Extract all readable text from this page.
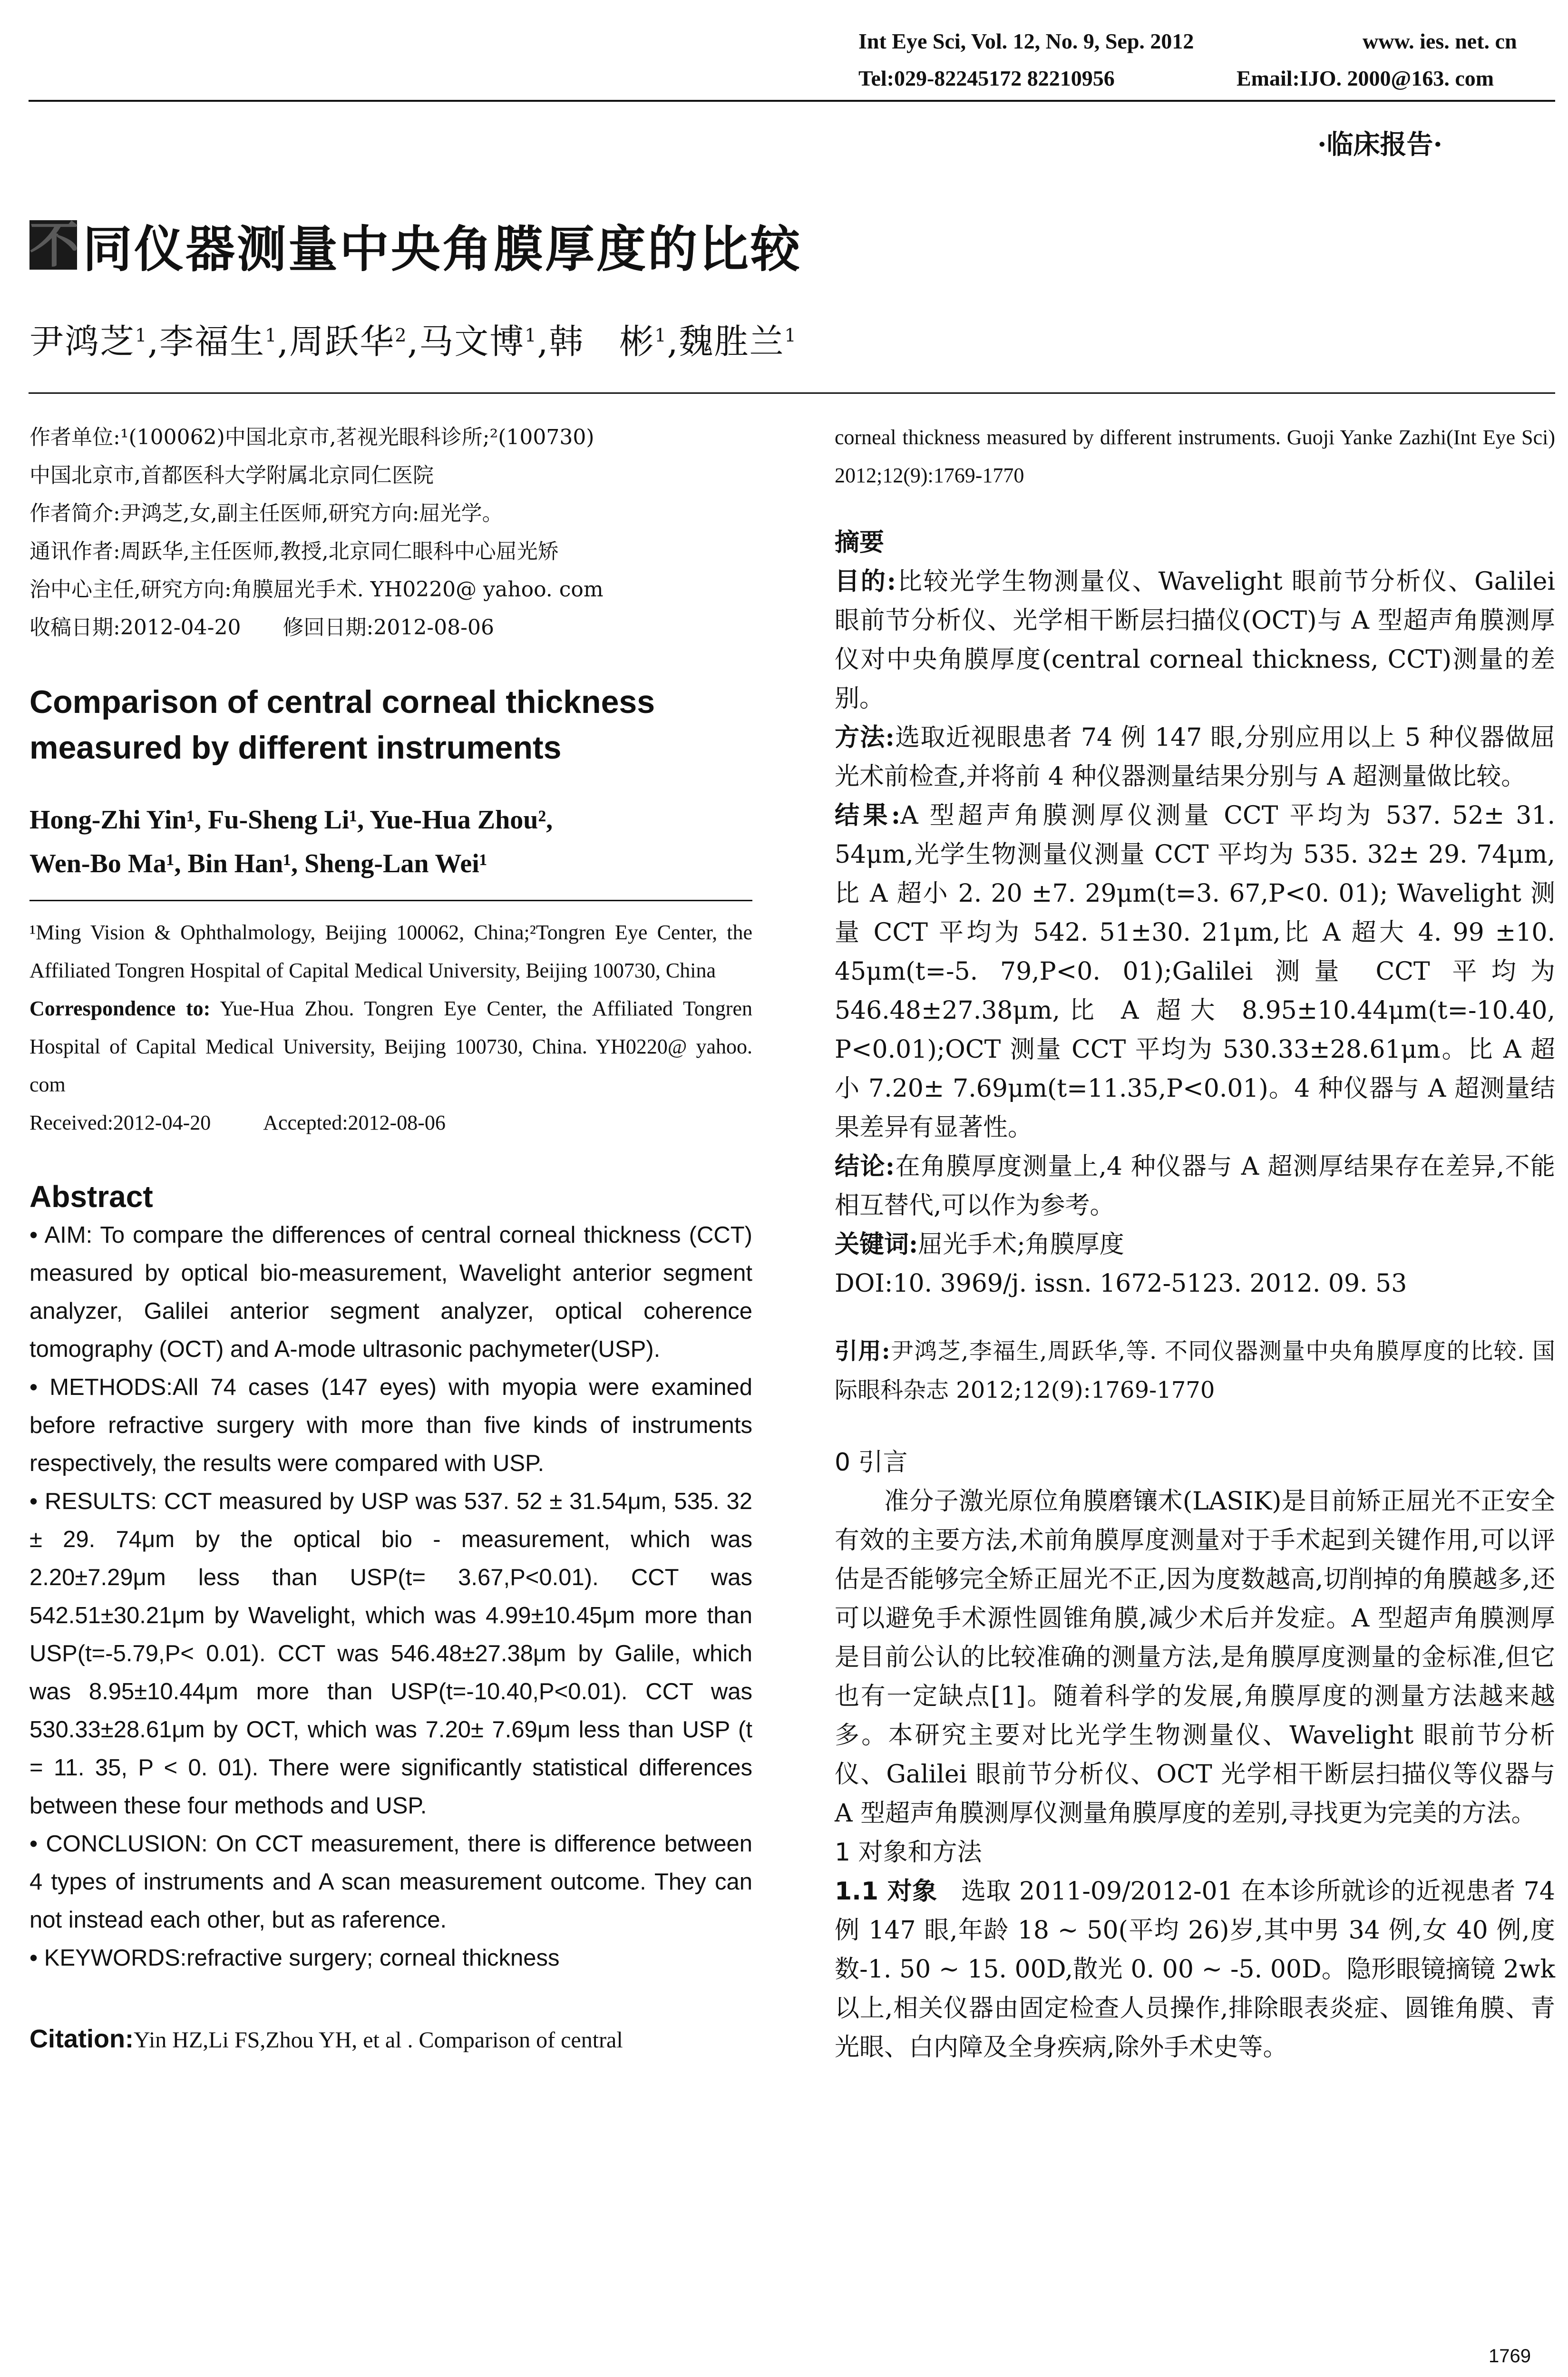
Int Eye Sci, Vol. 12, No. 9, Sep. 2012	www. ies. net. cn
Tel:029-82245172 82210956	Email:IJO. 2000@163. com
·临床报告·
不 同仪器测量中央角膜厚度的比较
尹鸿芝$^1$,李福生$^1$,周跃华$^2$,马文博$^1$,韩　彬$^1$,魏胜兰$^1$

作者单位:¹(100062)中国北京市,茗视光眼科诊所;²(100730)

中国北京市,首都医科大学附属北京同仁医院

作者简介:尹鸿芝,女,副主任医师,研究方向:屈光学。

通讯作者:周跃华,主任医师,教授,北京同仁眼科中心屈光矫

治中心主任,研究方向:角膜屈光手术. YH0220@ yahoo. com

收稿日期:2012-04-20　　修回日期:2012-08-06

Comparison of central corneal thickness

measured by different instruments

Hong-Zhi Yin¹, Fu-Sheng Li¹, Yue-Hua Zhou²,

Wen-Bo Ma¹, Bin Han¹, Sheng-Lan Wei¹

¹Ming Vision & Ophthalmology, Beijing 100062, China;²Tongren Eye Center, the Affiliated Tongren Hospital of Capital Medical University, Beijing 100730, China
Correspondence to: Yue-Hua Zhou. Tongren Eye Center, the Affiliated Tongren Hospital of Capital Medical University, Beijing 100730, China. YH0220@ yahoo. com
Received:2012-04-20	Accepted:2012-08-06
Abstract

• AIM: To compare the differences of central corneal thickness (CCT) measured by optical bio-measurement, Wavelight anterior segment analyzer, Galilei anterior segment analyzer, optical coherence tomography (OCT) and A-mode ultrasonic pachymeter(USP).

• METHODS:All 74 cases (147 eyes) with myopia were examined before refractive surgery with more than five kinds of instruments respectively, the results were compared with USP.

• RESULTS: CCT measured by USP was 537. 52 ± 31.54μm, 535. 32 ± 29. 74μm by the optical bio - measurement, which was 2.20±7.29μm less than USP(t= 3.67,P<0.01). CCT was 542.51±30.21μm by Wavelight, which was 4.99±10.45μm more than USP(t=-5.79,P< 0.01). CCT was 546.48±27.38μm by Galile, which was 8.95±10.44μm more than USP(t=-10.40,P<0.01). CCT was 530.33±28.61μm by OCT, which was 7.20± 7.69μm less than USP (t = 11. 35, P < 0. 01). There were significantly statistical differences between these four methods and USP.

• CONCLUSION: On CCT measurement, there is difference between 4 types of instruments and A scan measurement outcome. They can not instead each other, but as raference.

• KEYWORDS:refractive surgery; corneal thickness

Citation:Yin HZ,Li FS,Zhou YH, et al . Comparison of central
corneal thickness measured by different instruments. Guoji Yanke Zazhi(Int Eye Sci) 2012;12(9):1769-1770

摘要

目的:比较光学生物测量仪、Wavelight 眼前节分析仪、Galilei 眼前节分析仪、光学相干断层扫描仪(OCT)与 A 型超声角膜测厚仪对中央角膜厚度(central corneal thickness, CCT)测量的差别。

方法:选取近视眼患者 74 例 147 眼,分别应用以上 5 种仪器做屈光术前检查,并将前 4 种仪器测量结果分别与 A 超测量做比较。

结果:A 型超声角膜测厚仪测量 CCT 平均为 537. 52± 31. 54μm,光学生物测量仪测量 CCT 平均为 535. 32± 29. 74μm,比 A 超小 2. 20 ±7. 29μm(t=3. 67,P<0. 01); Wavelight 测量 CCT 平均为 542. 51±30. 21μm,比 A 超大 4. 99 ±10. 45μm(t=-5. 79,P<0. 01);Galilei 测量 CCT 平均为 546.48±27.38μm,比 A 超大 8.95±10.44μm(t=-10.40, P<0.01);OCT 测量 CCT 平均为 530.33±28.61μm。比 A 超小 7.20± 7.69μm(t=11.35,P<0.01)。4 种仪器与 A 超测量结果差异有显著性。

结论:在角膜厚度测量上,4 种仪器与 A 超测厚结果存在差异,不能相互替代,可以作为参考。

关键词:屈光手术;角膜厚度

DOI:10. 3969/j. issn. 1672-5123. 2012. 09. 53

引用:尹鸿芝,李福生,周跃华,等. 不同仪器测量中央角膜厚度的比较. 国际眼科杂志 2012;12(9):1769-1770
0 引言
准分子激光原位角膜磨镶术(LASIK)是目前矫正屈光不正安全有效的主要方法,术前角膜厚度测量对于手术起到关键作用,可以评估是否能够完全矫正屈光不正,因为度数越高,切削掉的角膜越多,还可以避免手术源性圆锥角膜,减少术后并发症。A 型超声角膜测厚是目前公认的比较准确的测量方法,是角膜厚度测量的金标准,但它也有一定缺点[1]。随着科学的发展,角膜厚度的测量方法越来越多。本研究主要对比光学生物测量仪、Wavelight 眼前节分析仪、Galilei 眼前节分析仪、OCT 光学相干断层扫描仪等仪器与 A 型超声角膜测厚仪测量角膜厚度的差别,寻找更为完美的方法。
1 对象和方法
1.1 对象 选取 2011-09/2012-01 在本诊所就诊的近视患者 74 例 147 眼,年龄 18 ~ 50(平均 26)岁,其中男 34 例,女 40 例,度数-1. 50 ~ 15. 00D,散光 0. 00 ~ -5. 00D。隐形眼镜摘镜 2wk 以上,相关仪器由固定检查人员操作,排除眼表炎症、圆锥角膜、青光眼、白内障及全身疾病,除外手术史等。
1769
